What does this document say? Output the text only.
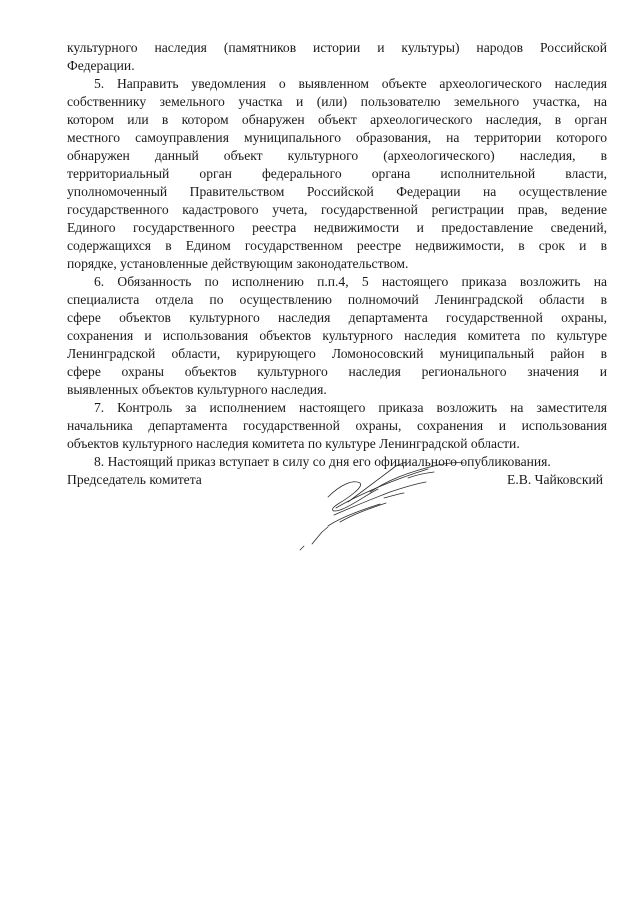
культурного наследия (памятников истории и культуры) народов Российской
Федерации.
5. Направить уведомления о выявленном объекте археологического наследия
собственнику земельного участка и (или) пользователю земельного участка, на
котором или в котором обнаружен объект археологического наследия, в орган
местного самоуправления муниципального образования, на территории которого
обнаружен данный объект культурного (археологического) наследия, в
территориальный орган федерального органа исполнительной власти,
уполномоченный Правительством Российской Федерации на осуществление
государственного кадастрового учета, государственной регистрации прав, ведение
Единого государственного реестра недвижимости и предоставление сведений,
содержащихся в Едином государственном реестре недвижимости, в срок и в
порядке, установленные действующим законодательством.
6. Обязанность по исполнению п.п.4, 5 настоящего приказа возложить на
специалиста отдела по осуществлению полномочий Ленинградской области в
сфере объектов культурного наследия департамента государственной охраны,
сохранения и использования объектов культурного наследия комитета по культуре
Ленинградской области, курирующего Ломоносовский муниципальный район в
сфере охраны объектов культурного наследия регионального значения и
выявленных объектов культурного наследия.
7. Контроль за исполнением настоящего приказа возложить на заместителя
начальника департамента государственной охраны, сохранения и использования
объектов культурного наследия комитета по культуре Ленинградской области.
8. Настоящий приказ вступает в силу со дня его официального опубликования.
Председатель комитета	Е.В. Чайковский
